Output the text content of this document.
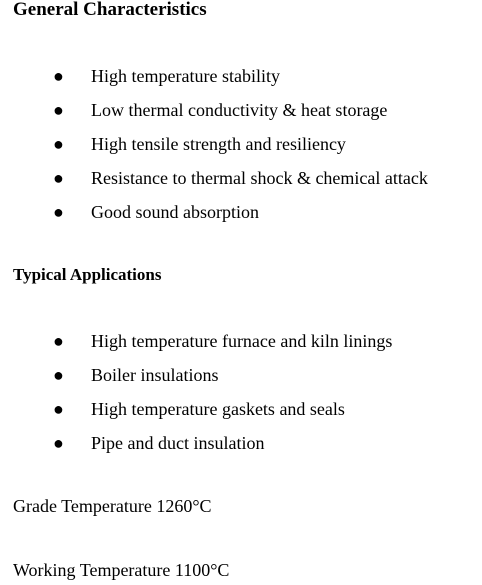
General Characteristics
● High temperature stability
● Low thermal conductivity & heat storage
● High tensile strength and resiliency
● Resistance to thermal shock & chemical attack
● Good sound absorption
Typical Applications
● High temperature furnace and kiln linings
● Boiler insulations
● High temperature gaskets and seals
● Pipe and duct insulation

Grade Temperature 1260°C

Working Temperature 1100°C
